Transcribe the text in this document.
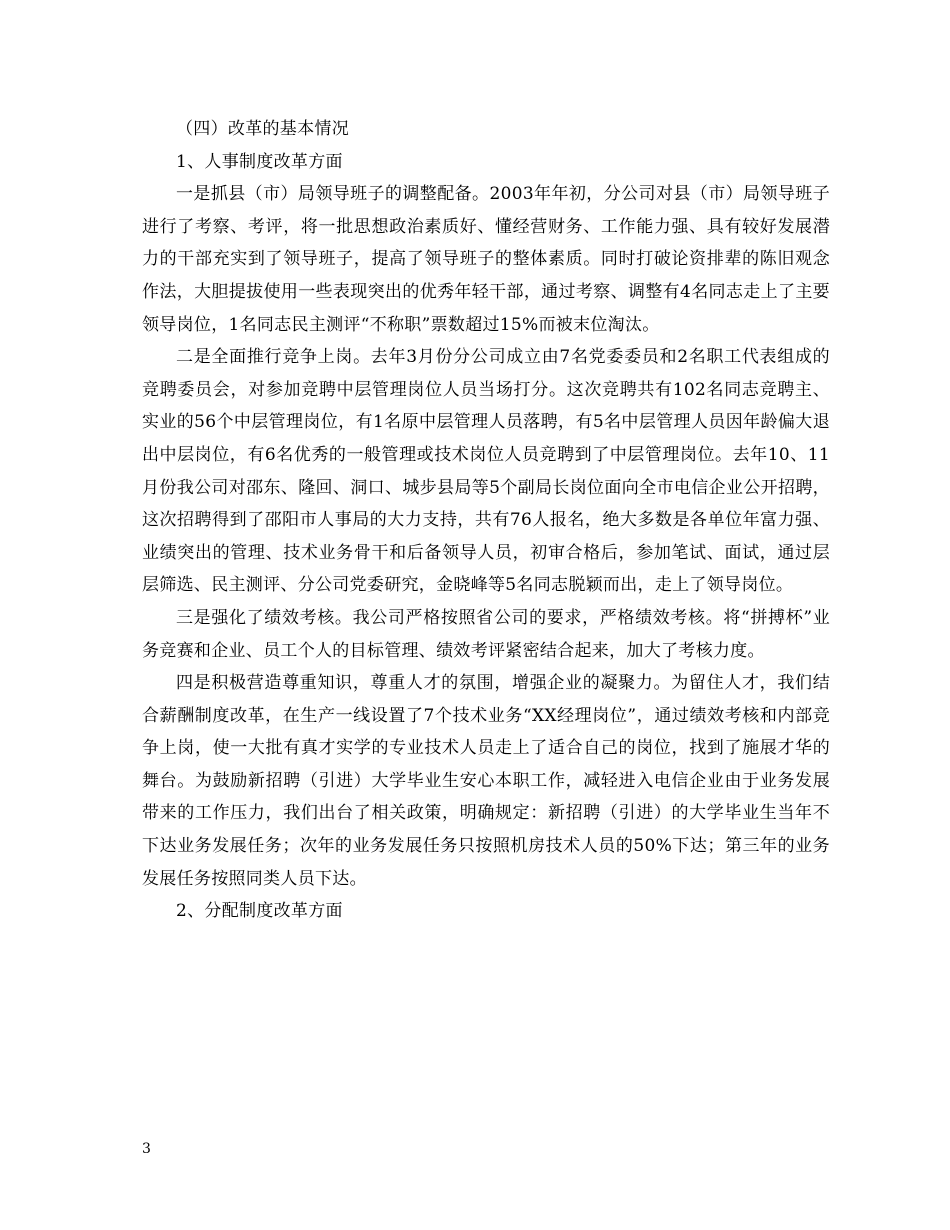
（四）改革的基本情况

1、人事制度改革方面

一是抓县（市）局领导班子的调整配备。2003年年初，分公司对县（市）局领导班子进行了考察、考评，将一批思想政治素质好、懂经营财务、工作能力强、具有较好发展潜力的干部充实到了领导班子，提高了领导班子的整体素质。同时打破论资排辈的陈旧观念作法，大胆提拔使用一些表现突出的优秀年轻干部，通过考察、调整有4名同志走上了主要领导岗位，1名同志民主测评“不称职”票数超过15%而被末位淘汰。

二是全面推行竞争上岗。去年3月份分公司成立由7名党委委员和2名职工代表组成的竞聘委员会，对参加竞聘中层管理岗位人员当场打分。这次竞聘共有102名同志竞聘主、实业的56个中层管理岗位，有1名原中层管理人员落聘，有5名中层管理人员因年龄偏大退出中层岗位，有6名优秀的一般管理或技术岗位人员竞聘到了中层管理岗位。去年10、11月份我公司对邵东、隆回、洞口、城步县局等5个副局长岗位面向全市电信企业公开招聘，这次招聘得到了邵阳市人事局的大力支持，共有76人报名，绝大多数是各单位年富力强、业绩突出的管理、技术业务骨干和后备领导人员，初审合格后，参加笔试、面试，通过层层筛选、民主测评、分公司党委研究，金晓峰等5名同志脱颖而出，走上了领导岗位。

三是强化了绩效考核。我公司严格按照省公司的要求，严格绩效考核。将“拼搏杯”业务竞赛和企业、员工个人的目标管理、绩效考评紧密结合起来，加大了考核力度。

四是积极营造尊重知识，尊重人才的氛围，增强企业的凝聚力。为留住人才，我们结合薪酬制度改革，在生产一线设置了7个技术业务“XX经理岗位”，通过绩效考核和内部竞争上岗，使一大批有真才实学的专业技术人员走上了适合自己的岗位，找到了施展才华的舞台。为鼓励新招聘（引进）大学毕业生安心本职工作，减轻进入电信企业由于业务发展带来的工作压力，我们出台了相关政策，明确规定：新招聘（引进）的大学毕业生当年不下达业务发展任务；次年的业务发展任务只按照机房技术人员的50%下达；第三年的业务发展任务按照同类人员下达。

2、分配制度改革方面

3
